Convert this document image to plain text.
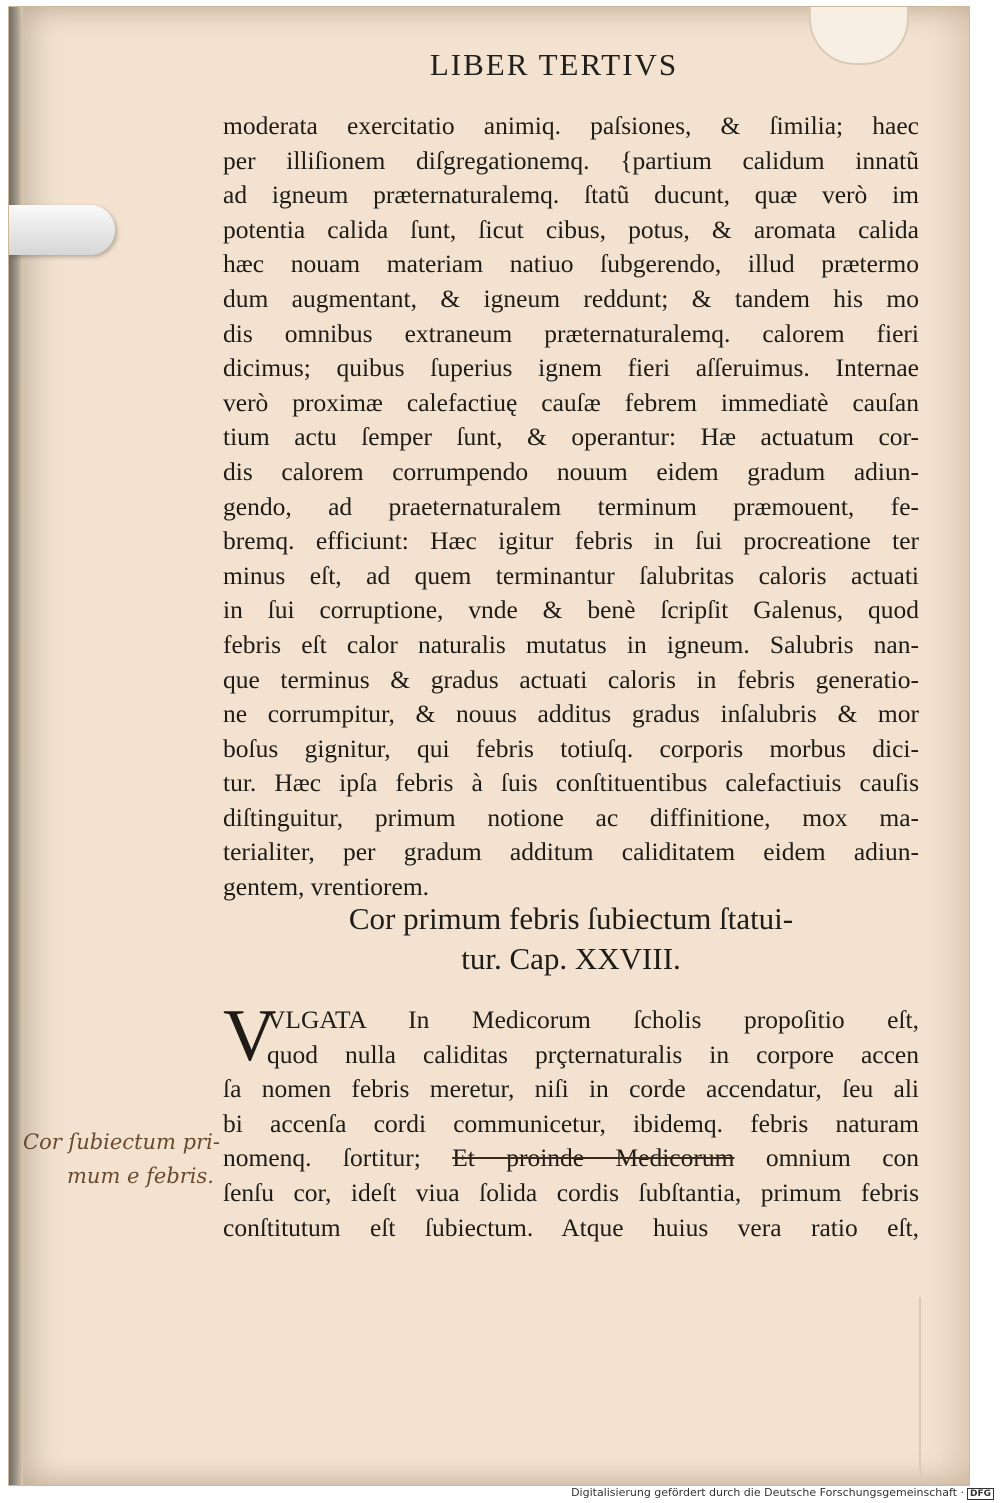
LIBER TERTIVS
moderata exercitatio animiq. paſsiones, & ſimilia; haec
per illiſionem diſgregationemq. {partium calidum innatũ
ad igneum præternaturalemq. ſtatũ ducunt, quæ verò im
potentia calida ſunt, ſicut cibus, potus, & aromata calida
hæc nouam materiam natiuo ſubgerendo, illud prætermo
dum augmentant, & igneum reddunt; & tandem his mo
dis omnibus extraneum præternaturalemq. calorem fieri
dicimus; quibus ſuperius ignem fieri aſſeruimus. Internae
verò proximæ calefactiuę cauſæ febrem immediatè cauſan
tium actu ſemper ſunt, & operantur: Hæ actuatum cor-
dis calorem corrumpendo nouum eidem gradum adiun-
gendo, ad praeternaturalem terminum præmouent, fe-
bremq. efficiunt: Hæc igitur febris in ſui procreatione ter
minus eſt, ad quem terminantur ſalubritas caloris actuati
in ſui corruptione, vnde & benè ſcripſit Galenus, quod
febris eſt calor naturalis mutatus in igneum. Salubris nan-
que terminus & gradus actuati caloris in febris generatio-
ne corrumpitur, & nouus additus gradus inſalubris & mor
boſus gignitur, qui febris totiuſq. corporis morbus dici-
tur. Hæc ipſa febris à ſuis conſtituentibus calefactiuis cauſis
diſtinguitur, primum notione ac diffinitione, mox ma-
terialiter, per gradum additum caliditatem eidem adiun-
gentem, vrentiorem.
Cor primum febris ſubiectum ſtatui-
tur. Cap. XXVIII.
V
VLGATA In Medicorum ſcholis propoſitio eſt,
quod nulla caliditas prçternaturalis in corpore accen
ſa nomen febris meretur, niſi in corde accendatur, ſeu ali
bi accenſa cordi communicetur, ibidemq. febris naturam
nomenq. ſortitur; Et proinde Medicorum omnium con
ſenſu cor, ideſt viua ſolida cordis ſubſtantia, primum febris
conſtitutum eſt ſubiectum. Atque huius vera ratio eſt,
Cor ſubiectum pri-
mum e febris.
Digitalisierung gefördert durch die Deutsche Forschungsgemeinschaft · DFG
